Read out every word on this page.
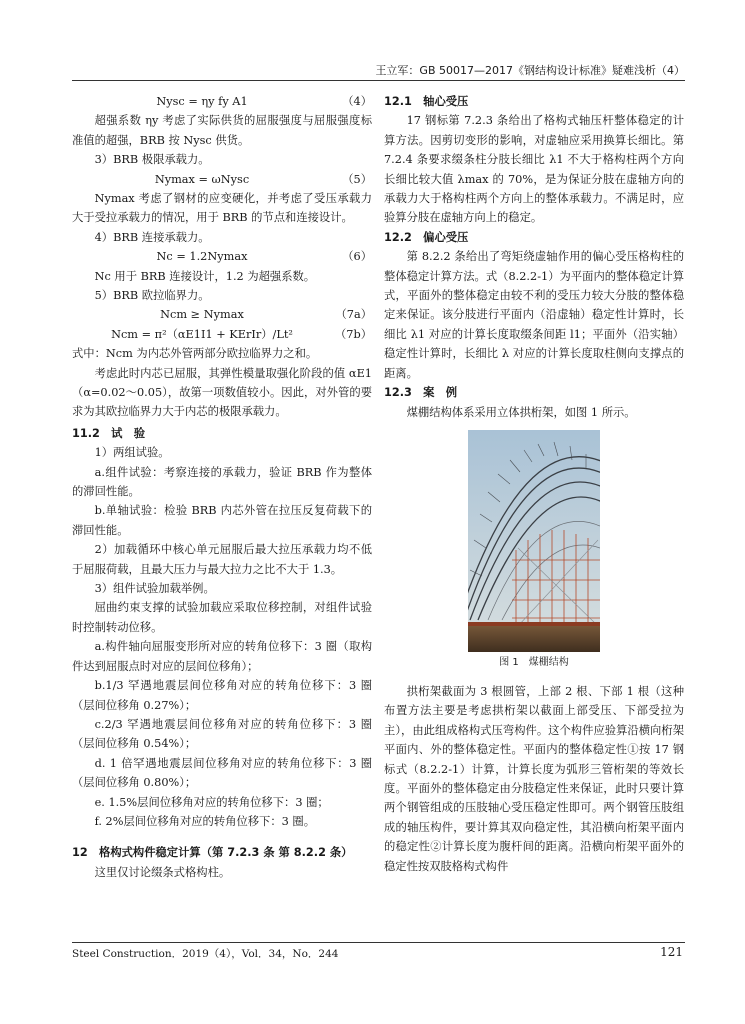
王立军：GB 50017—2017《钢结构设计标准》疑难浅析（4）
Nysc = ηy fy A1	（4）

超强系数 ηy 考虑了实际供货的屈服强度与屈服强度标准值的超强，BRB 按 Nysc 供货。

3）BRB 极限承载力。

Nymax = ωNysc	（5）

Nymax 考虑了钢材的应变硬化，并考虑了受压承载力大于受拉承载力的情况，用于 BRB 的节点和连接设计。

4）BRB 连接承载力。

Nc = 1.2Nymax	（6）

Nc 用于 BRB 连接设计，1.2 为超强系数。

5）BRB 欧拉临界力。

Ncm ≥ Nymax	（7a）
Ncm = π²（αE1I1 + KErIr）/Lt²	（7b）

式中：Ncm 为内芯外管两部分欧拉临界力之和。

考虑此时内芯已屈服，其弹性模量取强化阶段的值 αE1（α=0.02～0.05），故第一项数值较小。因此，对外管的要求为其欧拉临界力大于内芯的极限承载力。

11.2　试　验

1）两组试验。

a.组件试验：考察连接的承载力，验证 BRB 作为整体的滞回性能。

b.单轴试验：检验 BRB 内芯外管在拉压反复荷载下的滞回性能。

2）加载循环中核心单元屈服后最大拉压承载力均不低于屈服荷载，且最大压力与最大拉力之比不大于 1.3。

3）组件试验加载举例。

屈曲约束支撑的试验加载应采取位移控制，对组件试验时控制转动位移。

a.构件轴向屈服变形所对应的转角位移下：3 圈（取构件达到屈服点时对应的层间位移角）；

b.1/3 罕遇地震层间位移角对应的转角位移下：3 圈（层间位移角 0.27%）；

c.2/3 罕遇地震层间位移角对应的转角位移下：3 圈（层间位移角 0.54%）；

d. 1 倍罕遇地震层间位移角对应的转角位移下：3 圈（层间位移角 0.80%）；

e. 1.5%层间位移角对应的转角位移下：3 圈；

f. 2%层间位移角对应的转角位移下：3 圈。

12　格构式构件稳定计算（第 7.2.3 条 第 8.2.2 条）

这里仅讨论缀条式格构柱。

12.1　轴心受压

17 钢标第 7.2.3 条给出了格构式轴压杆整体稳定的计算方法。因剪切变形的影响，对虚轴应采用换算长细比。第 7.2.4 条要求缀条柱分肢长细比 λ1 不大于格构柱两个方向长细比较大值 λmax 的 70%，是为保证分肢在虚轴方向的承载力大于格构柱两个方向上的整体承载力。不满足时，应验算分肢在虚轴方向上的稳定。

12.2　偏心受压

第 8.2.2 条给出了弯矩绕虚轴作用的偏心受压格构柱的整体稳定计算方法。式（8.2.2-1）为平面内的整体稳定计算式，平面外的整体稳定由较不利的受压力较大分肢的整体稳定来保证。该分肢进行平面内（沿虚轴）稳定性计算时，长细比 λ1 对应的计算长度取缀条间距 l1；平面外（沿实轴）稳定性计算时，长细比 λ 对应的计算长度取柱侧向支撑点的距离。

12.3　案　例

煤棚结构体系采用立体拱桁架，如图 1 所示。

图 1　煤棚结构

拱桁架截面为 3 根圆管，上部 2 根、下部 1 根（这种布置方法主要是考虑拱桁架以截面上部受压、下部受拉为主），由此组成格构式压弯构件。这个构件应验算沿横向桁架平面内、外的整体稳定性。平面内的整体稳定性①按 17 钢标式（8.2.2-1）计算，计算长度为弧形三管桁架的等效长度。平面外的整体稳定由分肢稳定性来保证，此时只要计算两个钢管组成的压肢轴心受压稳定性即可。两个钢管压肢组成的轴压构件，要计算其双向稳定性，其沿横向桁架平面内的稳定性②计算长度为腹杆间的距离。沿横向桁架平面外的稳定性按双肢格构式构件

Steel Construction．2019（4），Vol．34，No．244	121
